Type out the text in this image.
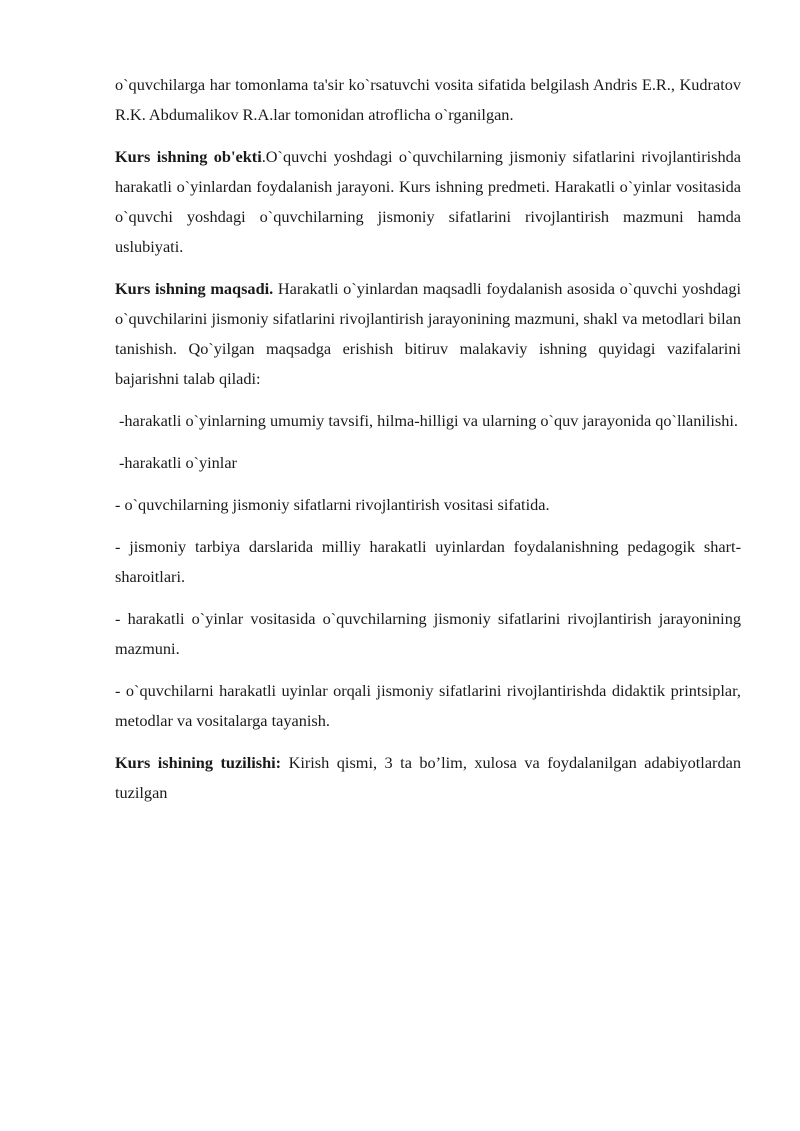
o`quvchilarga har tomonlama ta'sir ko`rsatuvchi vosita sifatida belgilash Andris E.R., Kudratov R.K. Abdumalikov R.A.lar tomonidan atroflicha o`rganilgan.

Kurs ishning ob'ekti.O`quvchi yoshdagi o`quvchilarning jismoniy sifatlarini rivojlantirishda harakatli o`yinlardan foydalanish jarayoni. Kurs ishning predmeti. Harakatli o`yinlar vositasida o`quvchi yoshdagi o`quvchilarning jismoniy sifatlarini rivojlantirish mazmuni hamda uslubiyati.

Kurs ishning maqsadi. Harakatli o`yinlardan maqsadli foydalanish asosida o`quvchi yoshdagi o`quvchilarini jismoniy sifatlarini rivojlantirish jarayonining mazmuni, shakl va metodlari bilan tanishish. Qo`yilgan maqsadga erishish bitiruv malakaviy ishning quyidagi vazifalarini bajarishni talab qiladi:

-harakatli o`yinlarning umumiy tavsifi, hilma-hilligi va ularning o`quv jarayonida qo`llanilishi.

-harakatli o`yinlar

- o`quvchilarning jismoniy sifatlarni rivojlantirish vositasi sifatida.

- jismoniy tarbiya darslarida milliy harakatli uyinlardan foydalanishning pedagogik shart-sharoitlari.

- harakatli o`yinlar vositasida o`quvchilarning jismoniy sifatlarini rivojlantirish jarayonining mazmuni.

- o`quvchilarni harakatli uyinlar orqali jismoniy sifatlarini rivojlantirishda didaktik printsiplar, metodlar va vositalarga tayanish.

Kurs ishining tuzilishi: Kirish qismi, 3 ta bo’lim, xulosa va foydalanilgan adabiyotlardan tuzilgan
